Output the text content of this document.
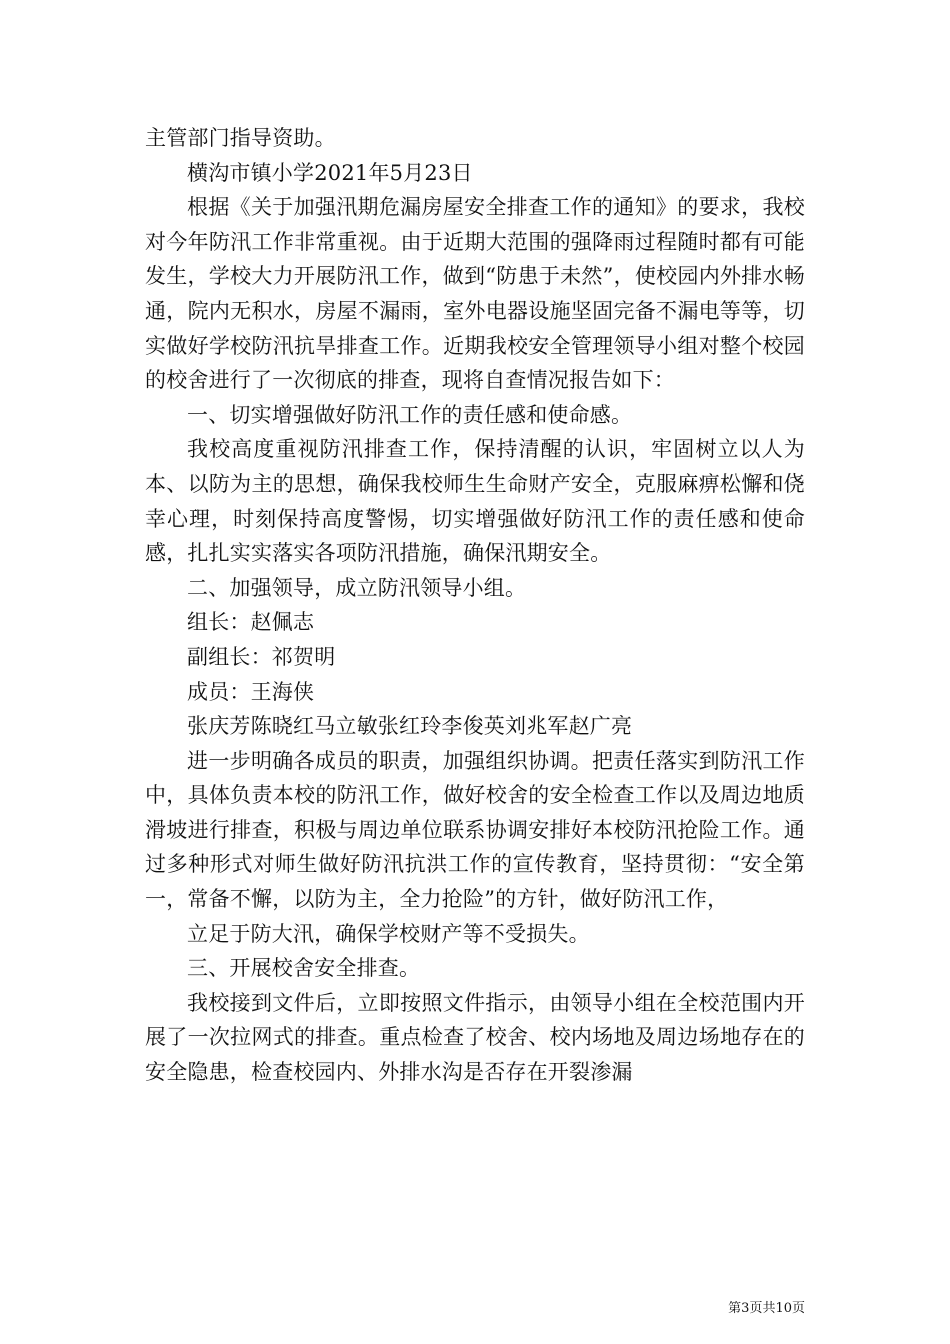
主管部门指导资助。

横沟市镇小学2021年5月23日

根据《关于加强汛期危漏房屋安全排查工作的通知》的要求，我校对今年防汛工作非常重视。由于近期大范围的强降雨过程随时都有可能发生，学校大力开展防汛工作，做到“防患于未然”，使校园内外排水畅通，院内无积水，房屋不漏雨，室外电器设施坚固完备不漏电等等，切实做好学校防汛抗旱排查工作。近期我校安全管理领导小组对整个校园的校舍进行了一次彻底的排查，现将自查情况报告如下：

一、切实增强做好防汛工作的责任感和使命感。

我校高度重视防汛排查工作，保持清醒的认识，牢固树立以人为本、以防为主的思想，确保我校师生生命财产安全，克服麻痹松懈和侥幸心理，时刻保持高度警惕，切实增强做好防汛工作的责任感和使命感，扎扎实实落实各项防汛措施，确保汛期安全。

二、加强领导，成立防汛领导小组。

组长：赵佩志

副组长：祁贺明

成员：王海侠

张庆芳陈晓红马立敏张红玲李俊英刘兆军赵广亮

进一步明确各成员的职责，加强组织协调。把责任落实到防汛工作中，具体负责本校的防汛工作，做好校舍的安全检查工作以及周边地质滑坡进行排查，积极与周边单位联系协调安排好本校防汛抢险工作。通过多种形式对师生做好防汛抗洪工作的宣传教育，坚持贯彻：“安全第一，常备不懈，以防为主，全力抢险”的方针，做好防汛工作，

立足于防大汛，确保学校财产等不受损失。

三、开展校舍安全排查。

我校接到文件后，立即按照文件指示，由领导小组在全校范围内开展了一次拉网式的排查。重点检查了校舍、校内场地及周边场地存在的安全隐患，检查校园内、外排水沟是否存在开裂渗漏

第3页共10页
